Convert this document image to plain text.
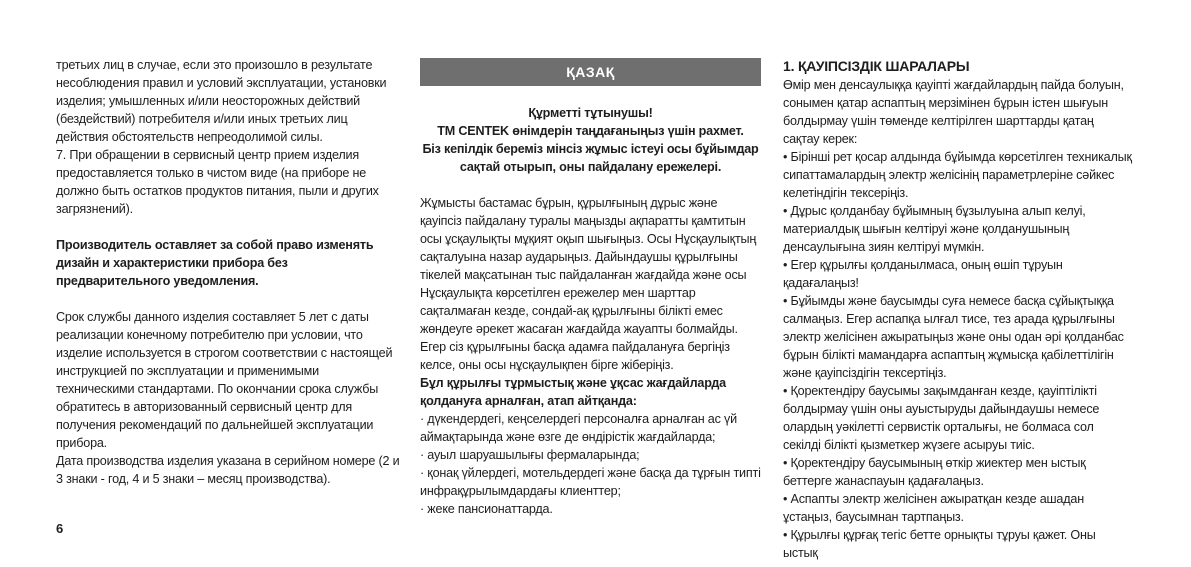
третьих лиц в случае, если это произошло в результате несоблюдения правил и условий эксплуатации, установки изделия; умышленных и/или неосторожных действий (бездействий) потребителя и/или иных третьих лиц действия обстоятельств непреодолимой силы.

7. При обращении в сервисный центр прием изделия предоставляется только в чистом виде (на приборе не должно быть остатков продуктов питания, пыли и других загрязнений).

Производитель оставляет за собой право изменять дизайн и характеристики прибора без предварительного уведомления.

Срок службы данного изделия составляет 5 лет с даты реализации конечному потребителю при условии, что изделие используется в строгом соответствии с настоящей инструкцией по эксплуатации и применимыми техническими стандартами. По окончании срока службы обратитесь в авторизованный сервисный центр для получения рекомендаций по дальнейшей эксплуатации прибора.

Дата производства изделия указана в серийном номере (2 и 3 знаки - год, 4 и 5 знаки – месяц производства).

ҚАЗАҚ
Құрметті тұтынушы!
ТМ CENTEK өнімдерін таңдағаныңыз үшін рахмет.
Біз кепілдік береміз мінсіз жұмыс істеуі осы бұйымдар сақтай отырып, оны пайдалану ережелері.

Жұмысты бастамас бұрын, құрылғының дұрыс және қауіпсіз пайдалану туралы маңызды ақпаратты қамтитын осы ұсқаулықты мұқият оқып шығыңыз. Осы Нұсқаулықтың сақталуына назар аударыңыз. Дайындаушы құрылғыны тікелей мақсатынан тыс пайдаланған жағдайда және осы Нұсқаулықта көрсетілген ережелер мен шарттар сақталмаған кезде, сондай-ақ құрылғыны білікті емес жөндеуге әрекет жасаған жағдайда жауапты болмайды. Егер сіз құрылғыны басқа адамға пайдалануға бергіңіз келсе, оны осы нұсқаулықпен бірге жіберіңіз.

Бұл құрылғы тұрмыстық және ұқсас жағдайларда қолдануға арналған, атап айтқанда:

· дүкендердегі, кеңселердегі персоналға арналған ас үй аймақтарында және өзге де өндірістік жағдайларда;

· ауыл шаруашылығы фермаларында;

· қонақ үйлердегі, мотельдердегі және басқа да тұрғын типті инфрақұрылымдардағы клиенттер;

· жеке пансионаттарда.

1. ҚАУІПСІЗДІК ШАРАЛАРЫ

Өмір мен денсаулыққа қауіпті жағдайлардың пайда болуын, сонымен қатар аспаптың мерзімінен бұрын істен шығуын болдырмау үшін төменде келтірілген шарттарды қатаң сақтау керек:

• Бірінші рет қосар алдында бұйымда көрсетілген техникалық сипаттамалардың электр желісінің параметрлеріне сәйкес келетіндігін тексеріңіз.

• Дұрыс қолданбау бұйымның бұзылуына алып келуі, материалдық шығын келтіруі және қолданушының денсаулығына зиян келтіруі мүмкін.

• Егер құрылғы қолданылмаса, оның өшіп тұруын қадағалаңыз!

• Бұйымды және баусымды суға немесе басқа сұйықтыққа салмаңыз. Егер аспапқа ылғал тисе, тез арада құрылғыны электр желісінен ажыратыңыз және оны одан әрі қолданбас бұрын білікті мамандарға аспаптың жұмысқа қабілеттілігін және қауіпсіздігін тексертіңіз.

• Қоректендіру баусымы зақымданған кезде, қауіптілікті болдырмау үшін оны ауыстыруды дайындаушы немесе олардың уәкілетті сервистік орталығы, не болмаса сол секілді білікті қызметкер жүзеге асыруы тиіс.

• Қоректендіру баусымының өткір жиектер мен ыстық беттерге жанаспауын қадағалаңыз.

• Аспапты электр желісінен ажыратқан кезде ашадан ұстаңыз, баусымнан тартпаңыз.

• Құрылғы құрғақ тегіс бетте орнықты тұруы қажет. Оны ыстық

6
